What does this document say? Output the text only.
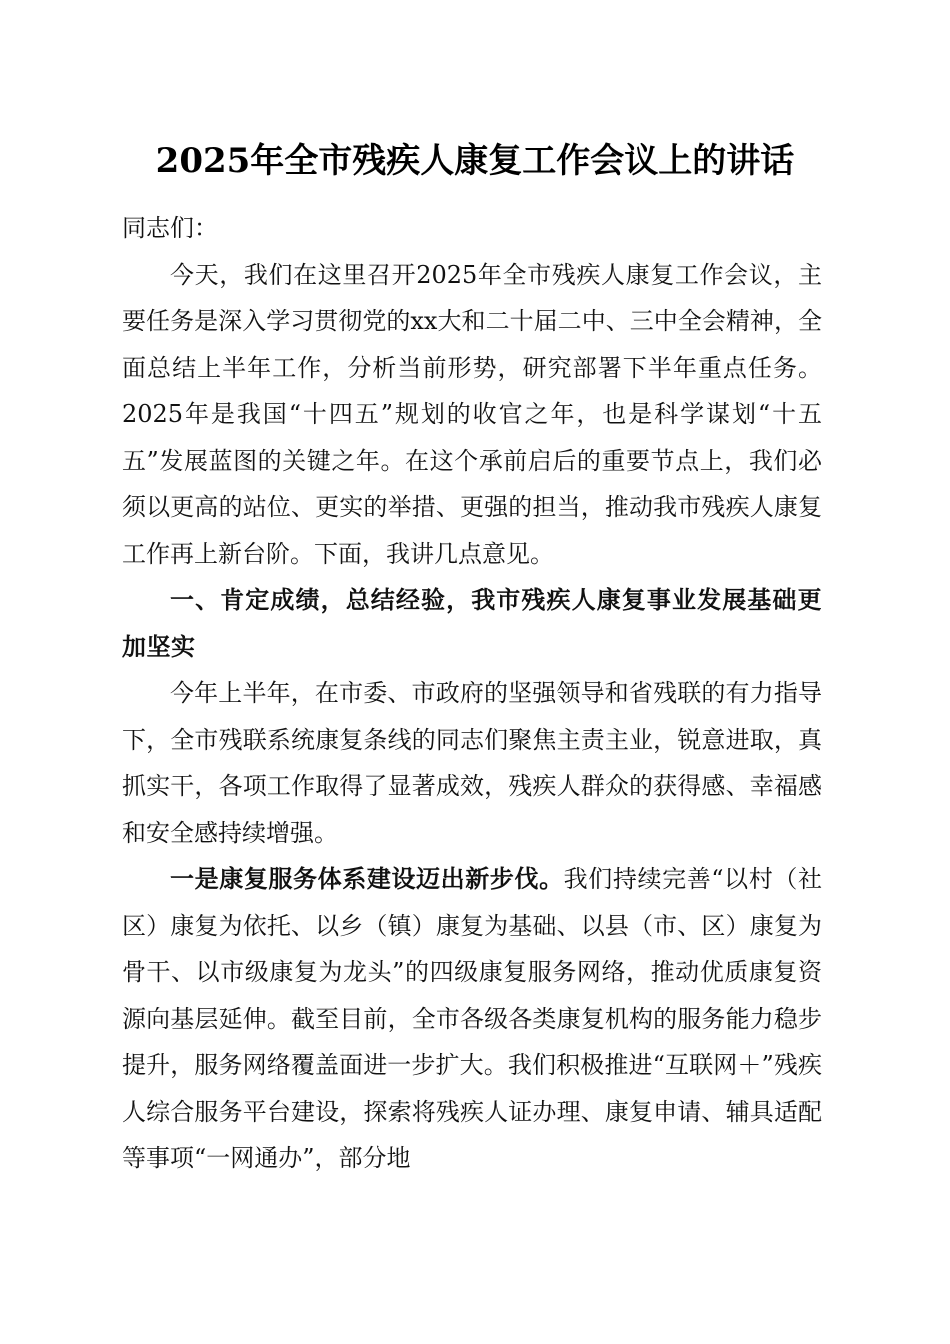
2025年全市残疾人康复工作会议上的讲话

同志们：

今天，我们在这里召开2025年全市残疾人康复工作会议，主要任务是深入学习贯彻党的xx大和二十届二中、三中全会精神，全面总结上半年工作，分析当前形势，研究部署下半年重点任务。2025年是我国“十四五”规划的收官之年，也是科学谋划“十五五”发展蓝图的关键之年。在这个承前启后的重要节点上，我们必须以更高的站位、更实的举措、更强的担当，推动我市残疾人康复工作再上新台阶。下面，我讲几点意见。

一、肯定成绩，总结经验，我市残疾人康复事业发展基础更加坚实

今年上半年，在市委、市政府的坚强领导和省残联的有力指导下，全市残联系统康复条线的同志们聚焦主责主业，锐意进取，真抓实干，各项工作取得了显著成效，残疾人群众的获得感、幸福感和安全感持续增强。

一是康复服务体系建设迈出新步伐。我们持续完善“以村（社区）康复为依托、以乡（镇）康复为基础、以县（市、区）康复为骨干、以市级康复为龙头”的四级康复服务网络，推动优质康复资源向基层延伸。截至目前，全市各级各类康复机构的服务能力稳步提升，服务网络覆盖面进一步扩大。我们积极推进“互联网＋”残疾人综合服务平台建设，探索将残疾人证办理、康复申请、辅具适配等事项“一网通办”，部分地
